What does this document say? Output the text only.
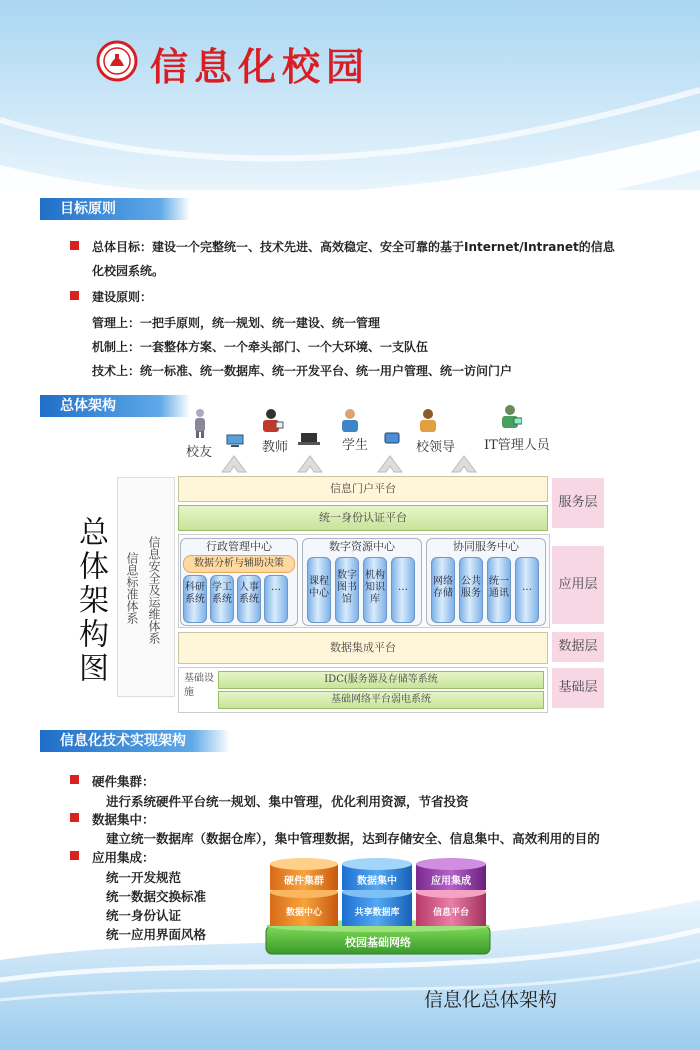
信息化校园
目标原则
总体目标：建设一个完整统一、技术先进、高效稳定、安全可靠的基于Internet/Intranet的信息
化校园系统。
建设原则：
管理上：一把手原则，统一规划、统一建设、统一管理
机制上：一套整体方案、一个牵头部门、一个大环境、一支队伍
技术上：统一标准、统一数据库、统一开发平台、统一用户管理、统一访问门户
总体架构
校友	教师	学生	校领导 IT管理人员
总体架构图	信息标准体系 信息安全及运维体系
信息门户平台
统一身份认证平台
行政管理中心
数据分析与辅助决策
科研系统
学工系统
人事系统
…
数字资源中心
课程中心
数字图书馆
机构知识库
…
协同服务中心
网络存储
公共服务
统一通讯
…
数据集成平台
基础设施
IDC(服务器及存储等系统
基础网络平台弱电系统
服务层
应用层
数据层
基础层
信息化技术实现架构
硬件集群：
进行系统硬件平台统一规划、集中管理，优化利用资源，节省投资
数据集中：
建立统一数据库（数据仓库），集中管理数据，达到存储安全、信息集中、高效利用的目的
应用集成：
统一开发规范
统一数据交换标准
统一身份认证
统一应用界面风格
硬件集群	数据集中	应用集成
数据中心	共享数据库	信息平台
校园基础网络
信息化总体架构
